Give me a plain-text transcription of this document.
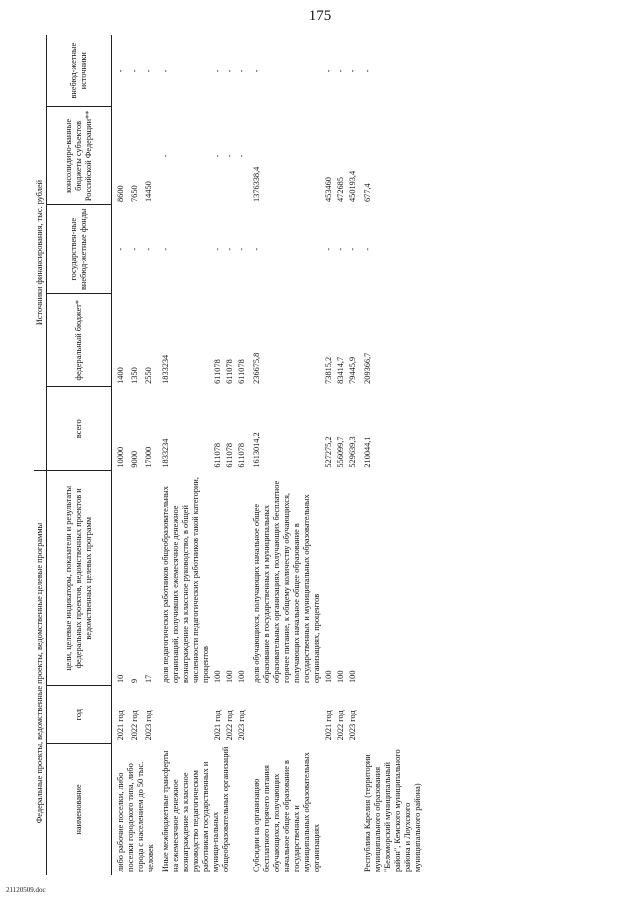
175
Федеральные проекты, ведомственные проекты, ведомственные целевые программы			Источники финансирования, тыс. рублей				
наименование	год	цели, целевые индикаторы, показатели и результаты федеральных проектов, ведомственных проектов и ведомственных целевых программ	всего	федеральный бюджет*	государствен-ные внебюд-жетные фонды	консолидиро-ванные бюджеты субъектов Российской Федерации**	внебюд-жетные источники
либо рабочие поселки, либо поселки городского типа, либо города с населением до 50 тыс. человек	2021 год	10	10000	1400	-	8600	-
	2022 год	9	9000	1350	-	7650	-
	2023 год	17	17000	2550	-	14450	-
Иные межбюджетные трансферты на ежемесячное денежное вознаграждение за классное руководство педагогическим работникам государственных и муници-пальных общеобразовательных организаций		доля педагогических работников общеобразовательных организаций, получивших ежемесячное денежное вознаграждение за классное руководство, в общей численности педагогических работников такой категории, процентов	1833234	1833234	-	-	-
	2021 год	100	611078	611078	-	-	-
	2022 год	100	611078	611078	-	-	-
	2023 год	100	611078	611078	-	-	-
Субсидии на организацию бесплатного горячего питания обучающихся, получающих начальное общее образование в государственных и муниципальных образовательных организациях		доля обучающихся, получающих начальное общее образование в государственных и муниципальных образовательных организациях, получающих бесплатное горячее питание, к общему количеству обучающихся, получающих начальное общее образование в государственных и муниципальных образовательных организациях, процентов	1613014,2	236675,8	-	1376338,4	-
	2021 год	100	527275,2	73815,2	-	453460	-
	2022 год	100	556099,7	83414,7	-	472685	-
	2023 год	100	529639,3	79445,9	-	450193,4	-
Республика Карелия (территории муниципального образования "Беломорский муниципальный район", Кемского муниципального района и Лоухского муниципального района)			210044,1	209366,7	-	677,4	-
21120509.doc
